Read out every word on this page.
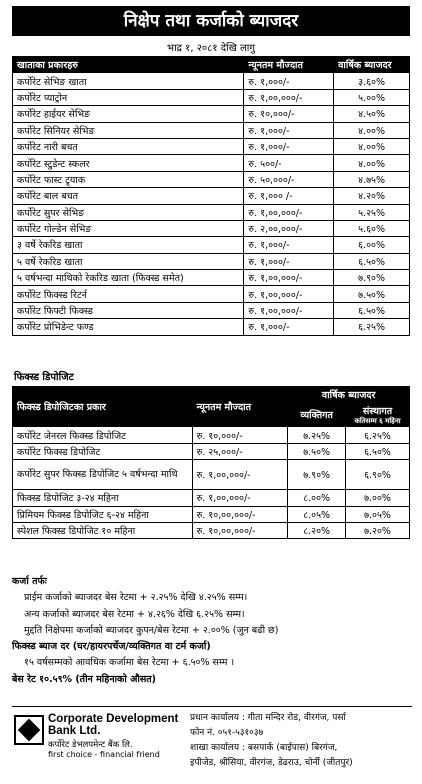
निक्षेप तथा कर्जाको ब्याजदर
भाद्र १, २०८१ देखि लागु
खाताका प्रकारहरु	न्यूनतम मौज्दात	वार्षिक ब्याजदर
कर्पोरेट सेभिङ खाता	रु. १,०००/-	३.६०%
कर्पोरेट प्याट्रोन	रु. १,००,०००/-	५.००%
कर्पोरेट हाईयर सेभिङ	रु. १०,०००/-	४.५०%
कर्पोरेट सिनियर सेभिङ	रु. १,०००/-	४.००%
कर्पोरेट नारी बचत	रु. १,०००/-	४.००%
कर्पोरेट स्टुडेन्ट स्कलर	रु. ५००/-	४.००%
कर्पोरेट फास्ट ट्र्याक	रु. ५०,०००/-	४.७५%
कर्पोरेट बाल बचत	रु. १,००० /-	४.२०%
कर्पोरेट सुपर सेभिङ	रु. १,००,०००/-	५.२५%
कर्पोरेट गोल्डेन सेभिङ	रु. २,००,०००/-	५.६०%
३ वर्षे रेकरिड खाता	रु. १,०००/-	६.००%
५ वर्षे रेकरिड खाता	रु. १,०००/-	६.५०%
५ वर्षभन्दा माथिको रेकरिड खाता (फिक्स्ड समेत)	रु. १,००,०००/-	७.९०%
कर्पोरेट फिक्स्ड रिटर्न	रु. १,००,०००/-	७.५०%
कर्पोरेट फिफ्टी फिक्स्ड	रु. १,००,०००/-	६.५०%
कर्पोरेट प्रोभिडेन्ट फण्ड	रु. १,०००/-	६.२५%
फिक्स्ड डिपोजिट
फिक्स्ड डिपोजिटका प्रकार	न्यूनतम मौज्दात	वार्षिक ब्याजदर	
		व्यक्तिगत	संस्थागत
कतिसम्म ६ महिना

कर्पोरेट जेनरल फिक्स्ड डिपोजिट	रु. १०,०००/-	७.२५%	६.२५%
कर्पोरेट फिक्स्ड डिपोजिट	रु. २५,०००/-	७.५०%	६.५०%
कर्पोरेट सुपर फिक्स्ड डिपोजिट ५ वर्षभन्दा माथि	रु. १,००,०००/-	७.९०%	६.९०%
फिक्स्ड डिपोजिट ३-२४ महिना	रु. १,००,०००/-	८.००%	७.००%
प्रिमियम फिक्स्ड डिपोजिट ६-२४ महिना	रु. १०,००,०००/-	८.०५%	७.०५%
स्पेशल फिक्स्ड डिपोजिट १० महिना	रु. १०,००,०००/-	८.२०%	७.२०%
कर्जा तर्फः
प्राईम कर्जाको ब्याजदर बेस रेटमा + २.२५% देखि ४.२५% सम्म।
अन्य कर्जाको ब्याजदर बेस रेटमा + ४.२६% देखि ६.२५% सम्म।
मुद्दति निक्षेपमा कर्जाको ब्याजदर कुपन/बेस रेटमा + २.००% (जुन बढी छ)
फिक्स्ड ब्याज दर (घर/हायरपर्चेज/व्यक्तिगत वा टर्म कर्जा)
१५ वर्षसम्मको आवधिक कर्जामा बेस रेटमा + ६.५०% सम्म ।
बेस रेट १०.५९% (तीन महिनाको औसत)
Corporate Development Bank Ltd.
कर्पोरेट डेभलपमेन्ट बैंक लि.
first choice - financial friend
प्रधान कार्यालय : गीता मन्दिर रोड, वीरगंज, पर्सा
फोन नं. ०५१-५३१०३७
शाखा कार्यालय : बसपार्क (बाईपास) बिरगंज,
इपीजेड, श्रीसिया, वीरगंज, डेढराउ, चोर्नी (जीतपुर)
